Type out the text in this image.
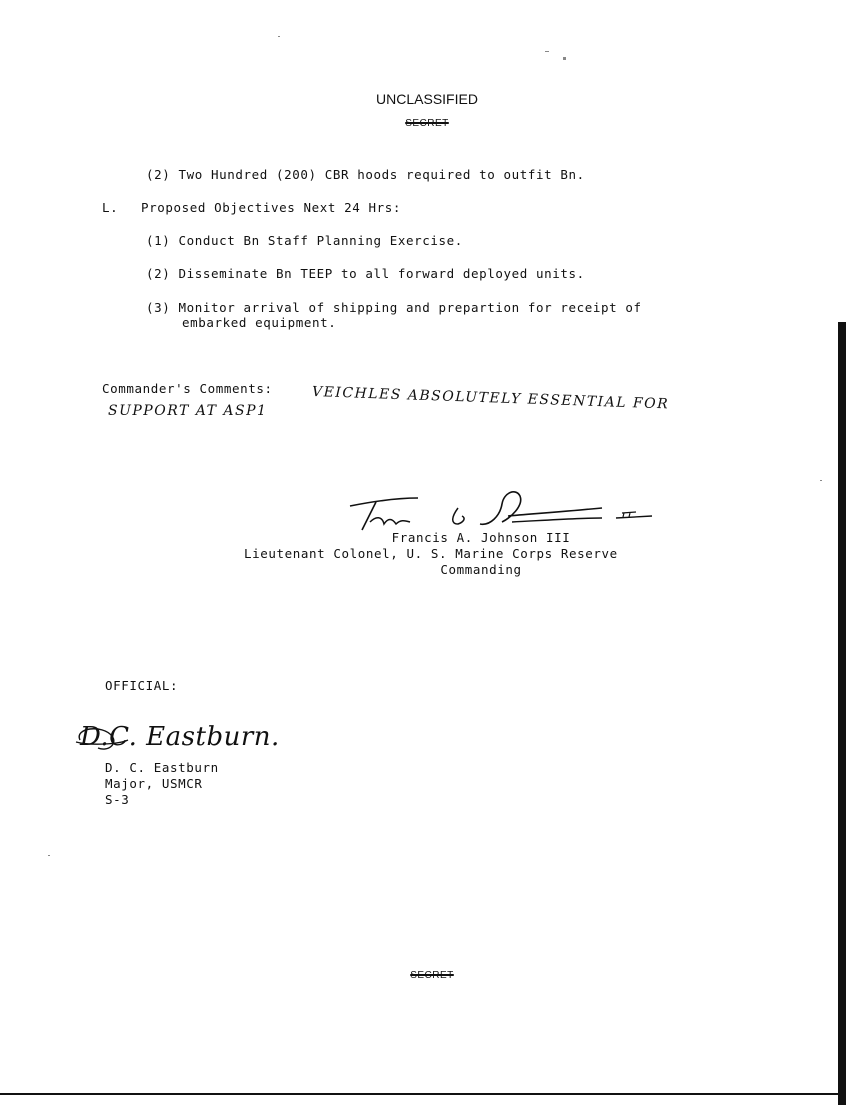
UNCLASSIFIED
SECRET
(2) Two Hundred (200) CBR hoods required to outfit Bn.
L. Proposed Objectives Next 24 Hrs:
(1) Conduct Bn Staff Planning Exercise.
(2) Disseminate Bn TEEP to all forward deployed units.
(3) Monitor arrival of shipping and prepartion for receipt of
embarked equipment.
Commander's Comments:	VEICHLES ABSOLUTELY ESSENTIAL FOR
SUPPORT AT ASP1
Francis A. Johnson III
Lieutenant Colonel, U. S. Marine Corps Reserve
Commanding
OFFICIAL:
D.C. Eastburn.
D. C. Eastburn
Major, USMCR
S-3
SECRET
